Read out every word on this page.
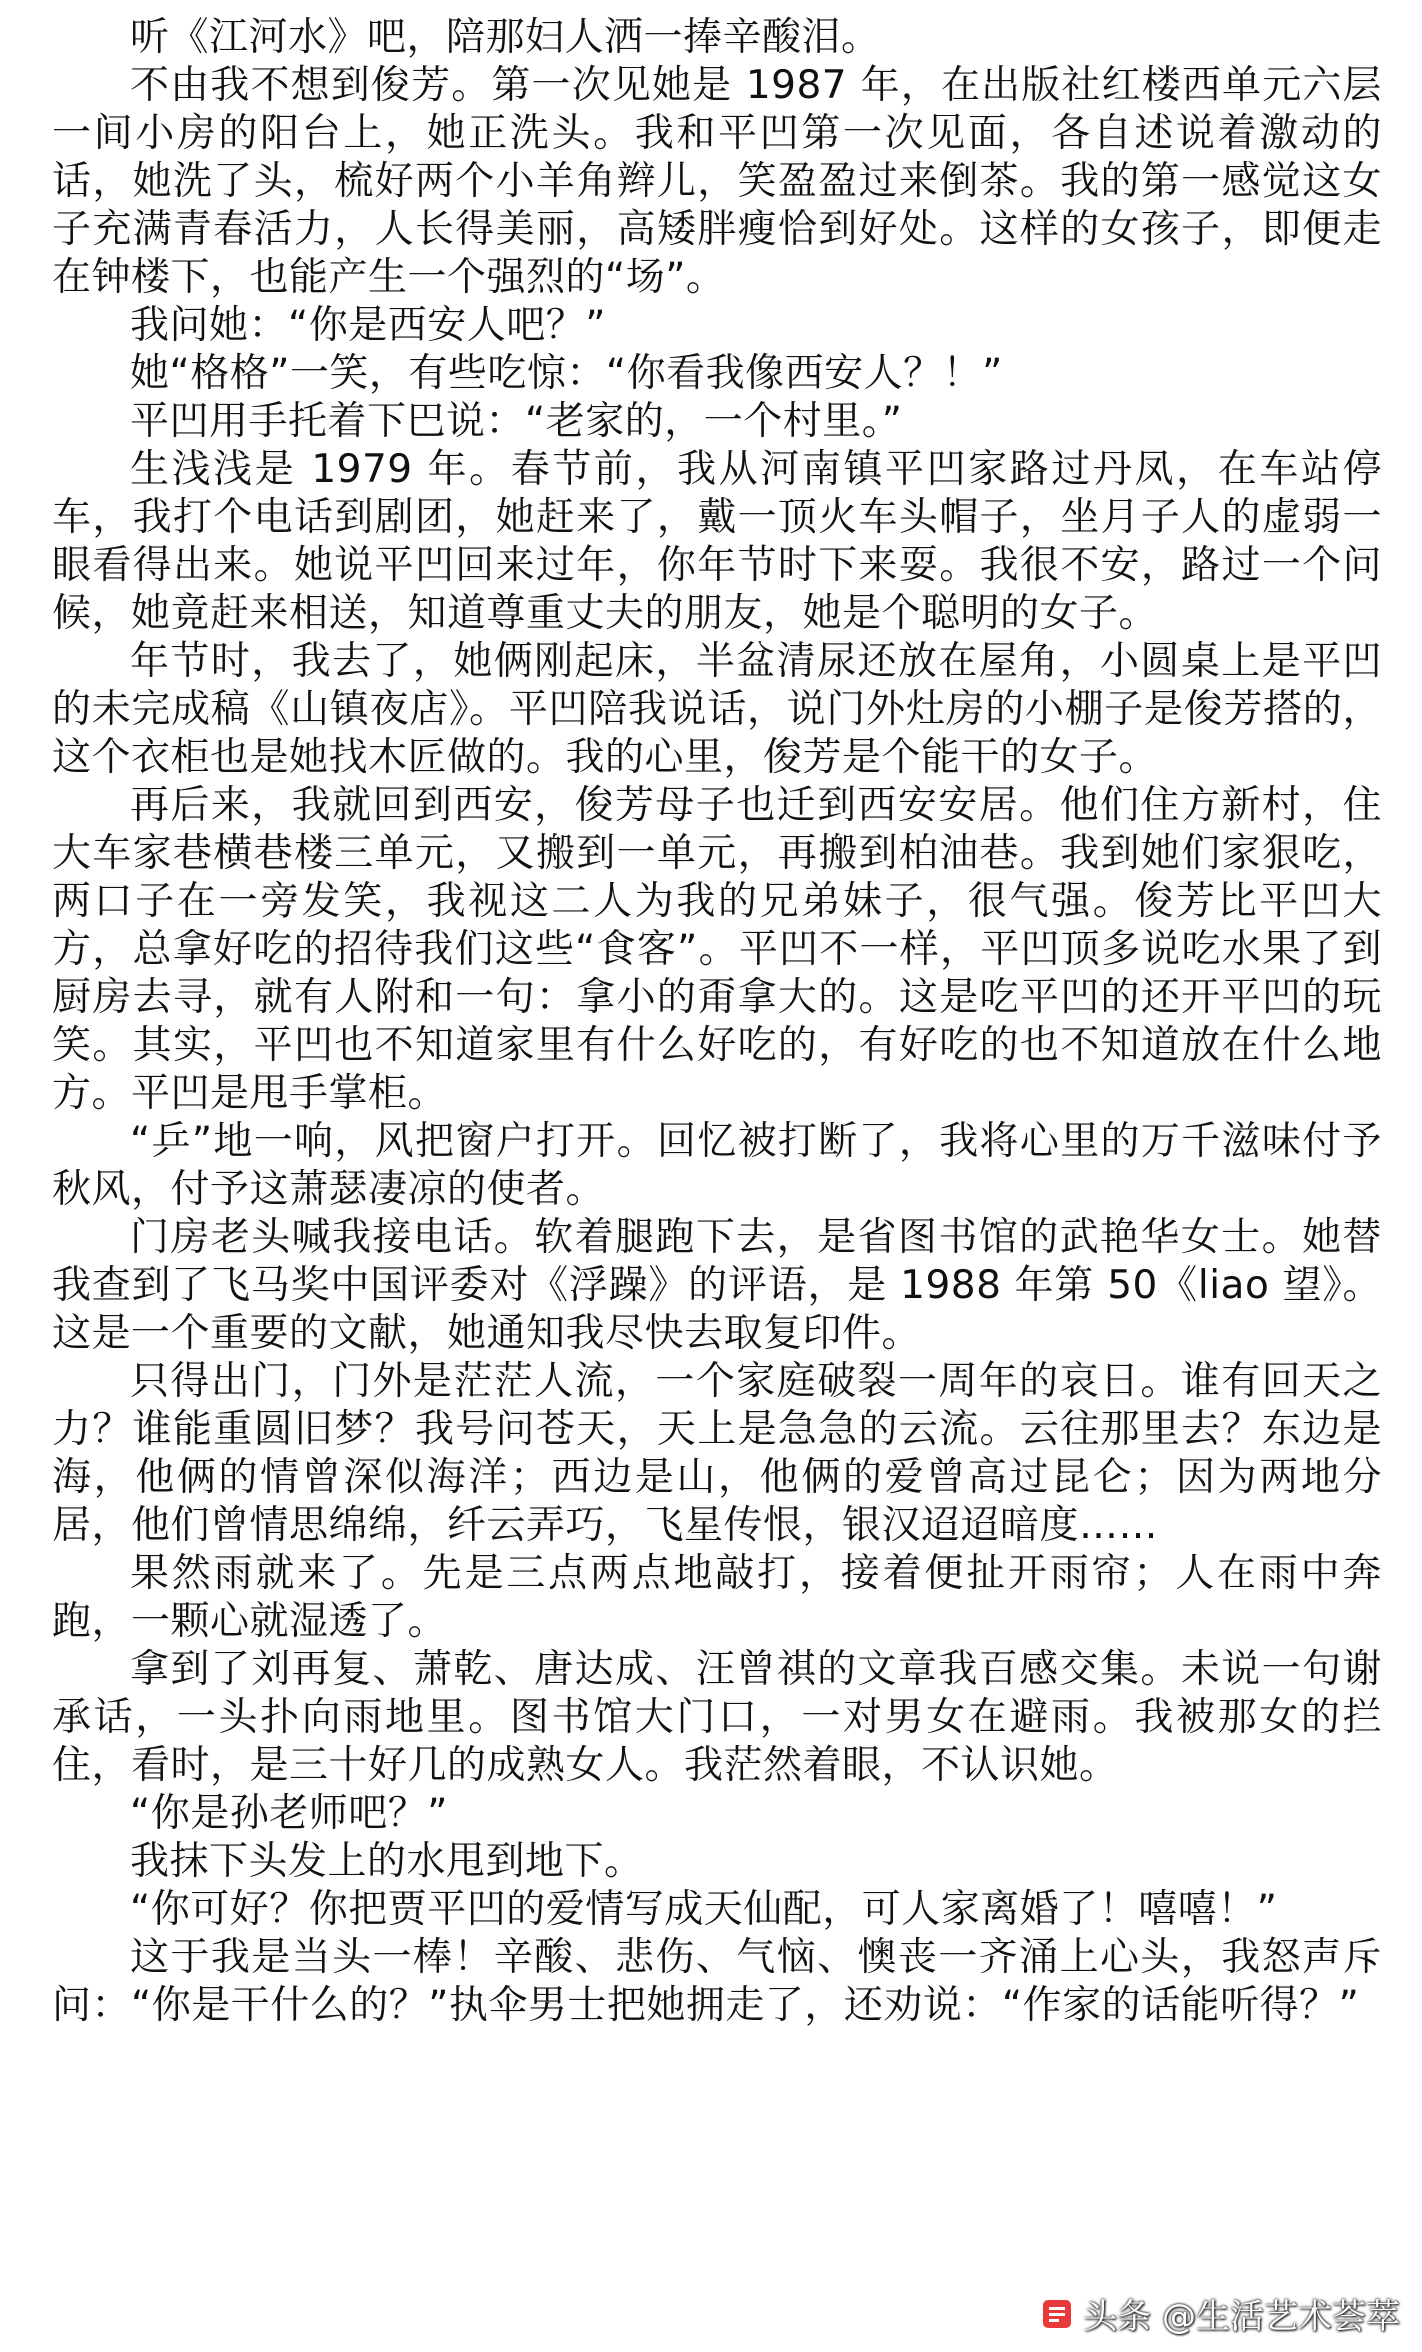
听《江河水》吧，陪那妇人洒一捧辛酸泪。

不由我不想到俊芳。第一次见她是 1987 年，在出版社红楼西单元六层一间小房的阳台上，她正洗头。我和平凹第一次见面，各自述说着激动的话，她洗了头，梳好两个小羊角辫儿，笑盈盈过来倒茶。我的第一感觉这女子充满青春活力，人长得美丽，高矮胖瘦恰到好处。这样的女孩子，即便走在钟楼下，也能产生一个强烈的“场”。

我问她：“你是西安人吧？”

她“格格”一笑，有些吃惊：“你看我像西安人？！”

平凹用手托着下巴说：“老家的，一个村里。”

生浅浅是 1979 年。春节前，我从河南镇平凹家路过丹凤，在车站停车，我打个电话到剧团，她赶来了，戴一顶火车头帽子，坐月子人的虚弱一眼看得出来。她说平凹回来过年，你年节时下来耍。我很不安，路过一个问候，她竟赶来相送，知道尊重丈夫的朋友，她是个聪明的女子。

年节时，我去了，她俩刚起床，半盆清尿还放在屋角，小圆桌上是平凹的未完成稿《山镇夜店》。平凹陪我说话，说门外灶房的小棚子是俊芳搭的，这个衣柜也是她找木匠做的。我的心里，俊芳是个能干的女子。

再后来，我就回到西安，俊芳母子也迁到西安安居。他们住方新村，住大车家巷横巷楼三单元，又搬到一单元，再搬到柏油巷。我到她们家狠吃，两口子在一旁发笑，我视这二人为我的兄弟妹子，很气强。俊芳比平凹大方，总拿好吃的招待我们这些“食客”。平凹不一样，平凹顶多说吃水果了到厨房去寻，就有人附和一句：拿小的甭拿大的。这是吃平凹的还开平凹的玩笑。其实，平凹也不知道家里有什么好吃的，有好吃的也不知道放在什么地方。平凹是甩手掌柜。

“乒”地一响，风把窗户打开。回忆被打断了，我将心里的万千滋味付予秋风，付予这萧瑟凄凉的使者。

门房老头喊我接电话。软着腿跑下去，是省图书馆的武艳华女士。她替我查到了飞马奖中国评委对《浮躁》的评语，是 1988 年第 50《liao 望》。这是一个重要的文献，她通知我尽快去取复印件。

只得出门，门外是茫茫人流，一个家庭破裂一周年的哀日。谁有回天之力？谁能重圆旧梦？我号问苍天，天上是急急的云流。云往那里去？东边是海，他俩的情曾深似海洋；西边是山，他俩的爱曾高过昆仑；因为两地分居，他们曾情思绵绵，纤云弄巧，飞星传恨，银汉迢迢暗度……

果然雨就来了。先是三点两点地敲打，接着便扯开雨帘；人在雨中奔跑，一颗心就湿透了。

拿到了刘再复、萧乾、唐达成、汪曾祺的文章我百感交集。未说一句谢承话，一头扑向雨地里。图书馆大门口，一对男女在避雨。我被那女的拦住，看时，是三十好几的成熟女人。我茫然着眼，不认识她。

“你是孙老师吧？”

我抹下头发上的水甩到地下。

“你可好？你把贾平凹的爱情写成天仙配，可人家离婚了！嘻嘻！”

这于我是当头一棒！辛酸、悲伤、气恼、懊丧一齐涌上心头，我怒声斥问：“你是干什么的？”执伞男士把她拥走了，还劝说：“作家的话能听得？”

头条 @生活艺术荟萃
